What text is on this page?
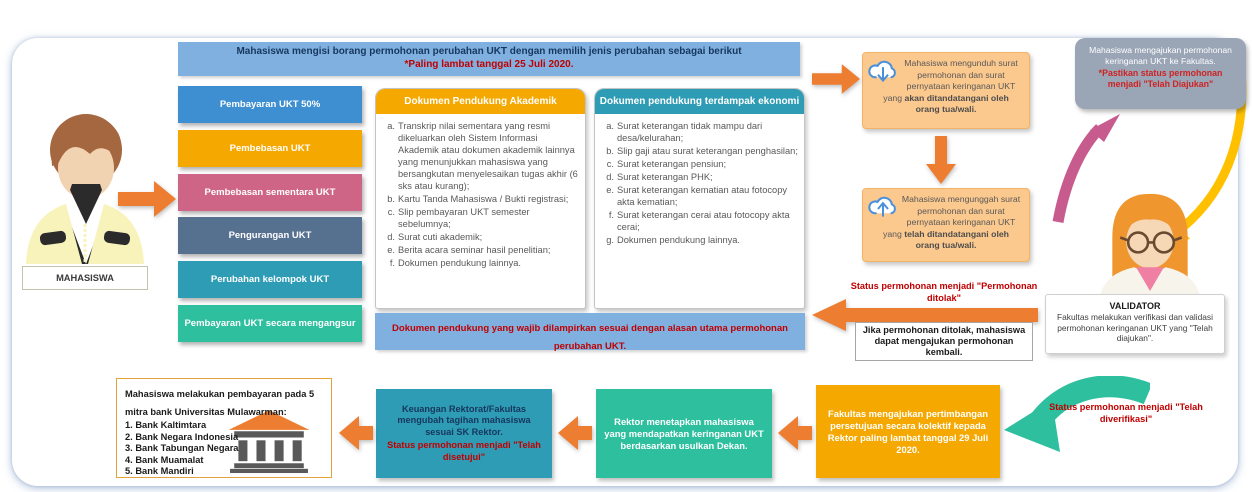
MAHASISWA
Mahasiswa mengisi borang permohonan perubahan UKT dengan memilih jenis perubahan sebagai berikut
*Paling lambat tanggal 25 Juli 2020.
Pembayaran UKT 50%
Pembebasan UKT
Pembebasan sementara UKT
Pengurangan UKT
Perubahan kelompok UKT
Pembayaran UKT secara mengangsur
Dokumen Pendukung Akademik
a. Transkrip nilai sementara yang resmi dikeluarkan oleh Sistem Informasi Akademik atau dokumen akademik lainnya yang menunjukkan mahasiswa yang bersangkutan menyelesaikan tugas akhir (6 sks atau kurang);
b. Kartu Tanda Mahasiswa / Bukti registrasi;
c. Slip pembayaran UKT semester sebelumnya;
d. Surat cuti akademik;
e. Berita acara seminar hasil penelitian;
f. Dokumen pendukung lainnya.
Dokumen pendukung terdampak ekonomi
a. Surat keterangan tidak mampu dari desa/kelurahan;
b. Slip gaji atau surat keterangan penghasilan;
c. Surat keterangan pensiun;
d. Surat keterangan PHK;
e. Surat keterangan kematian atau fotocopy akta kematian;
f. Surat keterangan cerai atau fotocopy akta cerai;
g. Dokumen pendukung lainnya.
Dokumen pendukung yang wajib dilampirkan sesuai dengan alasan utama permohonan perubahan UKT.
Mahasiswa mengunduh surat permohonan dan surat pernyataan keringanan UKT yang akan ditandatangani oleh orang tua/wali.
Mahasiswa mengunggah surat permohonan dan surat pernyataan keringanan UKT yang telah ditandatangani oleh orang tua/wali.
Mahasiswa mengajukan permohonan keringanan UKT ke Fakultas.
*Pastikan status permohonan menjadi "Telah Diajukan"
VALIDATOR
Fakultas melakukan verifikasi dan validasi permohonan keringanan UKT yang "Telah diajukan".
Status permohonan menjadi "Permohonan ditolak"
Jika permohonan ditolak, mahasiswa dapat mengajukan permohonan kembali.
Mahasiswa melakukan pembayaran pada 5 mitra bank Universitas Mulawarman:
1. Bank Kaltimtara
2. Bank Negara Indonesia
3. Bank Tabungan Negara
4. Bank Muamalat
5. Bank Mandiri
Keuangan Rektorat/Fakultas mengubah tagihan mahasiswa sesuai SK Rektor.
Status permohonan menjadi "Telah disetujui"
Rektor menetapkan mahasiswa yang mendapatkan keringanan UKT berdasarkan usulkan Dekan.
Fakultas mengajukan pertimbangan persetujuan secara kolektif kepada Rektor paling lambat tanggal 29 Juli 2020.
Status permohonan menjadi "Telah diverifikasi"
